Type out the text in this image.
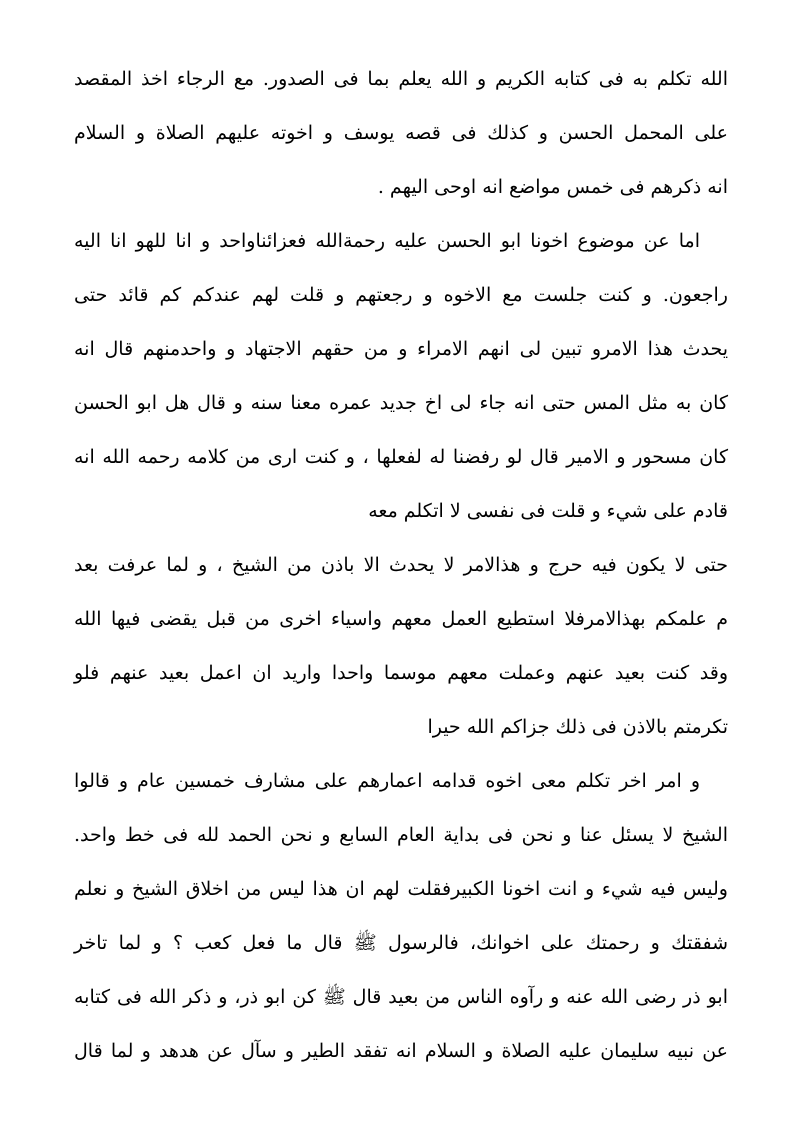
الله تكلم به فى كتابه الكريم و الله يعلم بما فى الصدور. مع الرجاء اخذ المقصد
على المحمل الحسن و كذلك فى قصه يوسف و اخوته عليهم الصلاة و السلام
انه ذكرهم فى خمس مواضع انه اوحى اليهم .
اما عن موضوع اخونا ابو الحسن عليه رحمةالله فعزائناواحد و انا للهو انا اليه
راجعون. و كنت جلست مع الاخوه و رجعتهم و قلت لهم عندكم كم قائد حتى
يحدث هذا الامرو تبين لى انهم الامراء و من حقهم الاجتهاد و واحدمنهم قال انه
كان به مثل المس حتى انه جاء لى اخ جديد عمره معنا سنه و قال هل ابو الحسن
كان مسحور و الامير قال لو رفضنا له لفعلها ، و كنت ارى من كلامه رحمه الله انه
قادم على شيء و قلت فى نفسى لا اتكلم معه
حتى لا يكون فيه حرج و هذالامر لا يحدث الا باذن من الشيخ ، و لما عرفت بعد
م علمكم بهذالامرفلا استطيع العمل معهم واسياء اخرى من قبل يقضى فيها الله
وقد كنت بعيد عنهم وعملت معهم موسما واحدا واريد ان اعمل بعيد عنهم فلو
تكرمتم بالاذن فى ذلك جزاكم الله حيرا
و امر اخر تكلم معى اخوه قدامه اعمارهم على مشارف خمسين عام و قالوا
الشيخ لا يسئل عنا و نحن فى بداية العام السابع و نحن الحمد لله فى خط واحد.
وليس فيه شيء و انت اخونا الكبيرفقلت لهم ان هذا ليس من اخلاق الشيخ و نعلم
شفقتك و رحمتك على اخوانك، فالرسول ﷺ قال ما فعل كعب ؟ و لما تاخر
ابو ذر رضى الله عنه و رآوه الناس من بعيد قال ﷺ كن ابو ذر، و ذكر الله فى كتابه
عن نبيه سليمان عليه الصلاة و السلام انه تفقد الطير و سآل عن هدهد و لما قال
